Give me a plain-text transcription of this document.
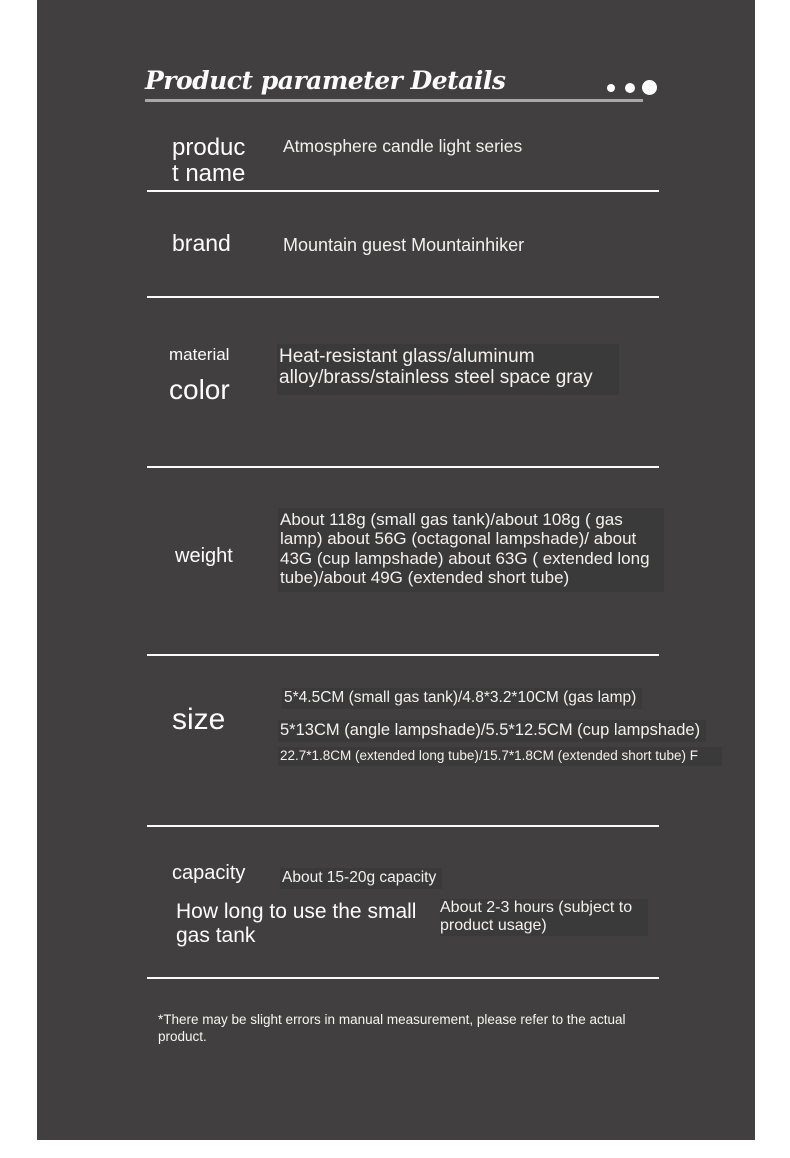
Product parameter Details

product name

Atmosphere candle light series

brand	Mountain guest Mountainhiker

material

color

Heat-resistant glass/aluminum alloy/brass/stainless steel space gray

weight

About 118g (small gas tank)/about 108g ( gas lamp) about 56G (octagonal lampshade)/ about 43G (cup lampshade) about 63G ( extended long tube)/about 49G (extended short tube)

size

5*4.5CM (small gas tank)/4.8*3.2*10CM (gas lamp)

5*13CM (angle lampshade)/5.5*12.5CM (cup lampshade)

22.7*1.8CM (extended long tube)/15.7*1.8CM (extended short tube) F

capacity About 15-20g capacity

How long to use the small gas tank

About 2-3 hours (subject to product usage)

*There may be slight errors in manual measurement, please refer to the actual product.
